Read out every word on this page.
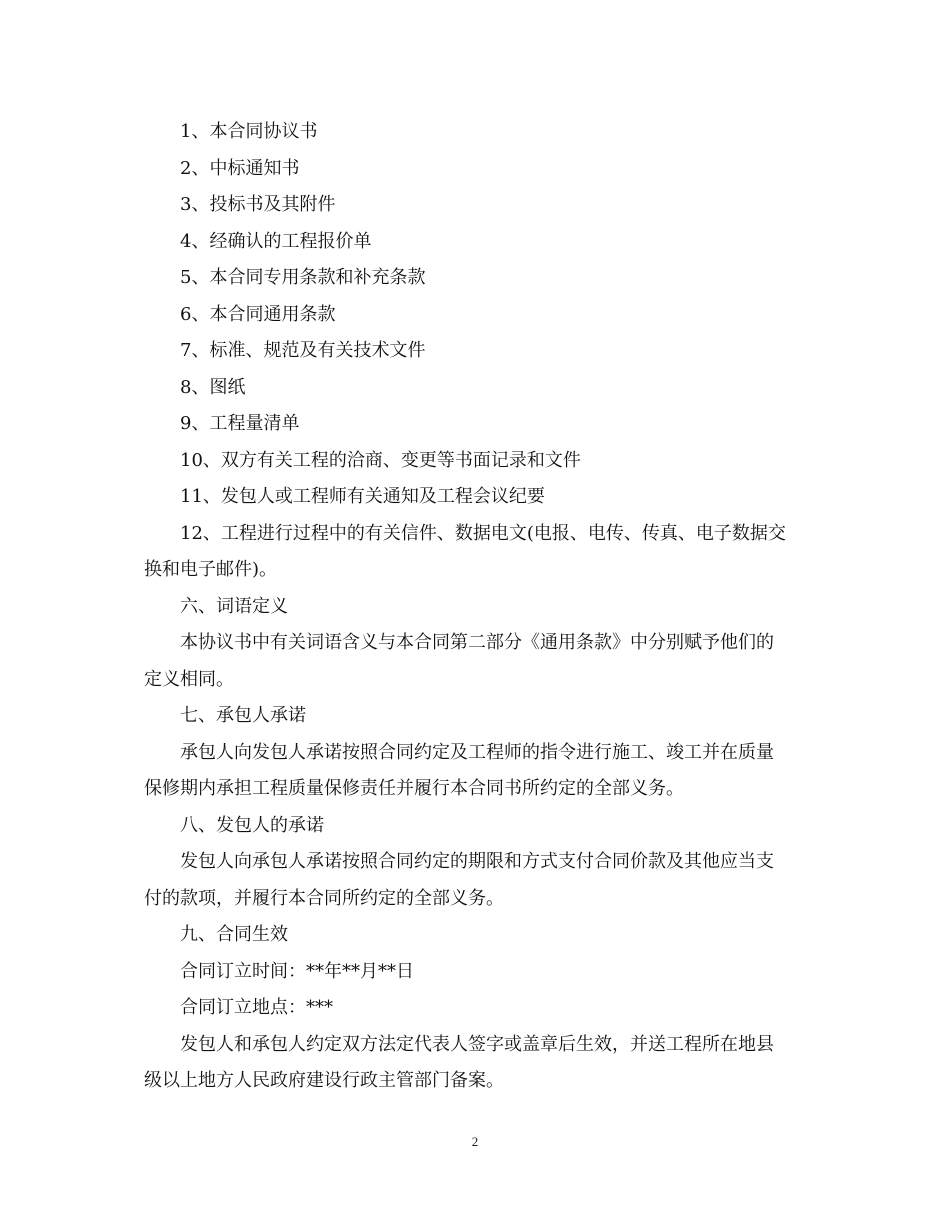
1、本合同协议书

2、中标通知书

3、投标书及其附件

4、经确认的工程报价单

5、本合同专用条款和补充条款

6、本合同通用条款

7、标准、规范及有关技术文件

8、图纸

9、工程量清单

10、双方有关工程的洽商、变更等书面记录和文件

11、发包人或工程师有关通知及工程会议纪要

12、工程进行过程中的有关信件、数据电文(电报、电传、传真、电子数据交

换和电子邮件)。

六、词语定义

本协议书中有关词语含义与本合同第二部分《通用条款》中分别赋予他们的

定义相同。

七、承包人承诺

承包人向发包人承诺按照合同约定及工程师的指令进行施工、竣工并在质量

保修期内承担工程质量保修责任并履行本合同书所约定的全部义务。

八、发包人的承诺

发包人向承包人承诺按照合同约定的期限和方式支付合同价款及其他应当支

付的款项，并履行本合同所约定的全部义务。

九、合同生效

合同订立时间：**年**月**日

合同订立地点：***

发包人和承包人约定双方法定代表人签字或盖章后生效，并送工程所在地县

级以上地方人民政府建设行政主管部门备案。

2
